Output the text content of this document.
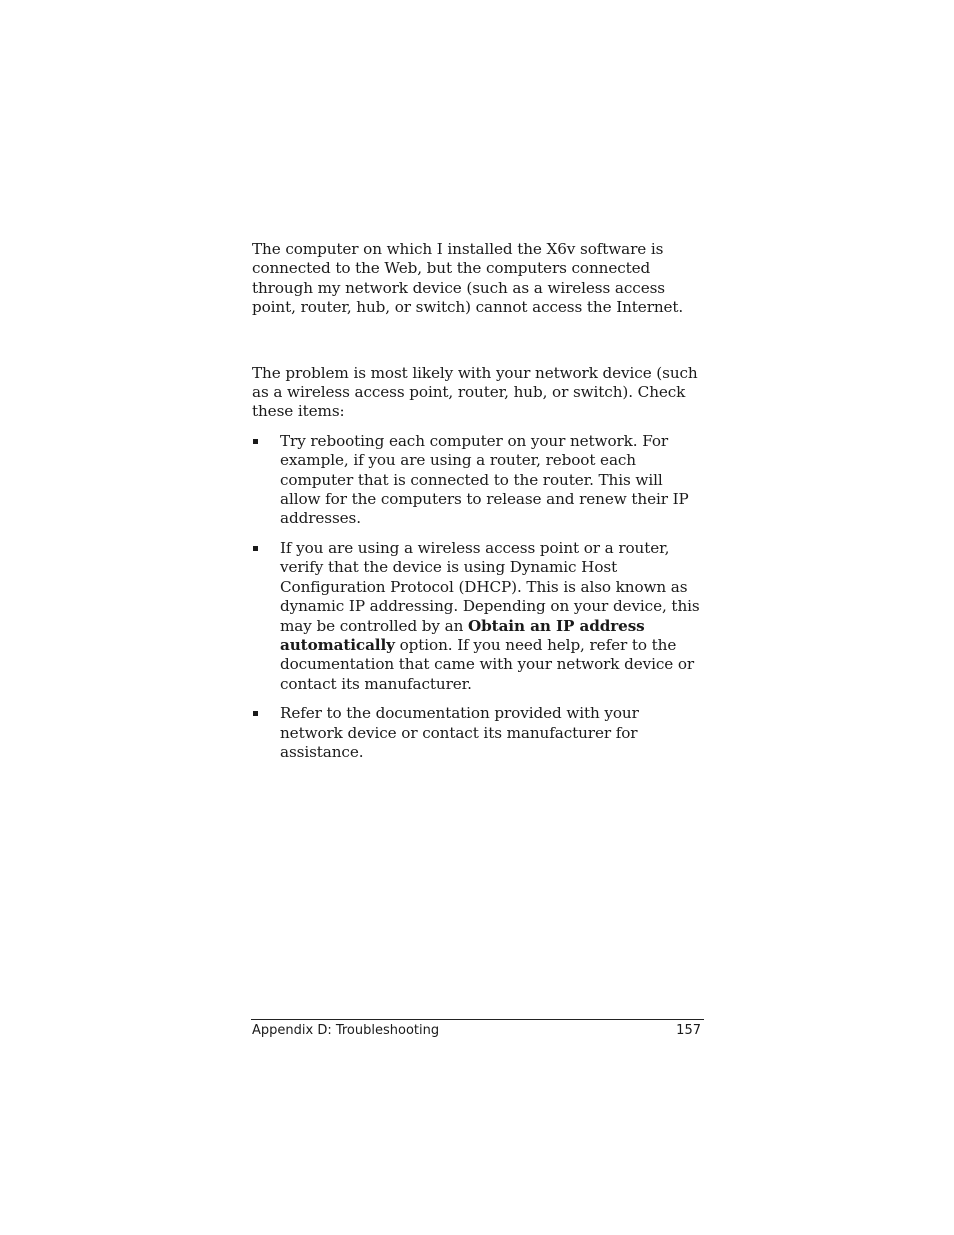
The computer on which I installed the X6v software is connected to the Web, but the computers connected through my network device (such as a wireless access point, router, hub, or switch) cannot access the Internet.

The problem is most likely with your network device (such as a wireless access point, router, hub, or switch). Check these items:

Try rebooting each computer on your network. For example, if you are using a router, reboot each computer that is connected to the router. This will allow for the computers to release and renew their IP addresses.
If you are using a wireless access point or a router, verify that the device is using Dynamic Host Configuration Protocol (DHCP). This is also known as dynamic IP addressing. Depending on your device, this may be controlled by an Obtain an IP address automatically option. If you need help, refer to the documentation that came with your network device or contact its manufacturer.
Refer to the documentation provided with your network device or contact its manufacturer for assistance.
Appendix D: Troubleshooting	157
